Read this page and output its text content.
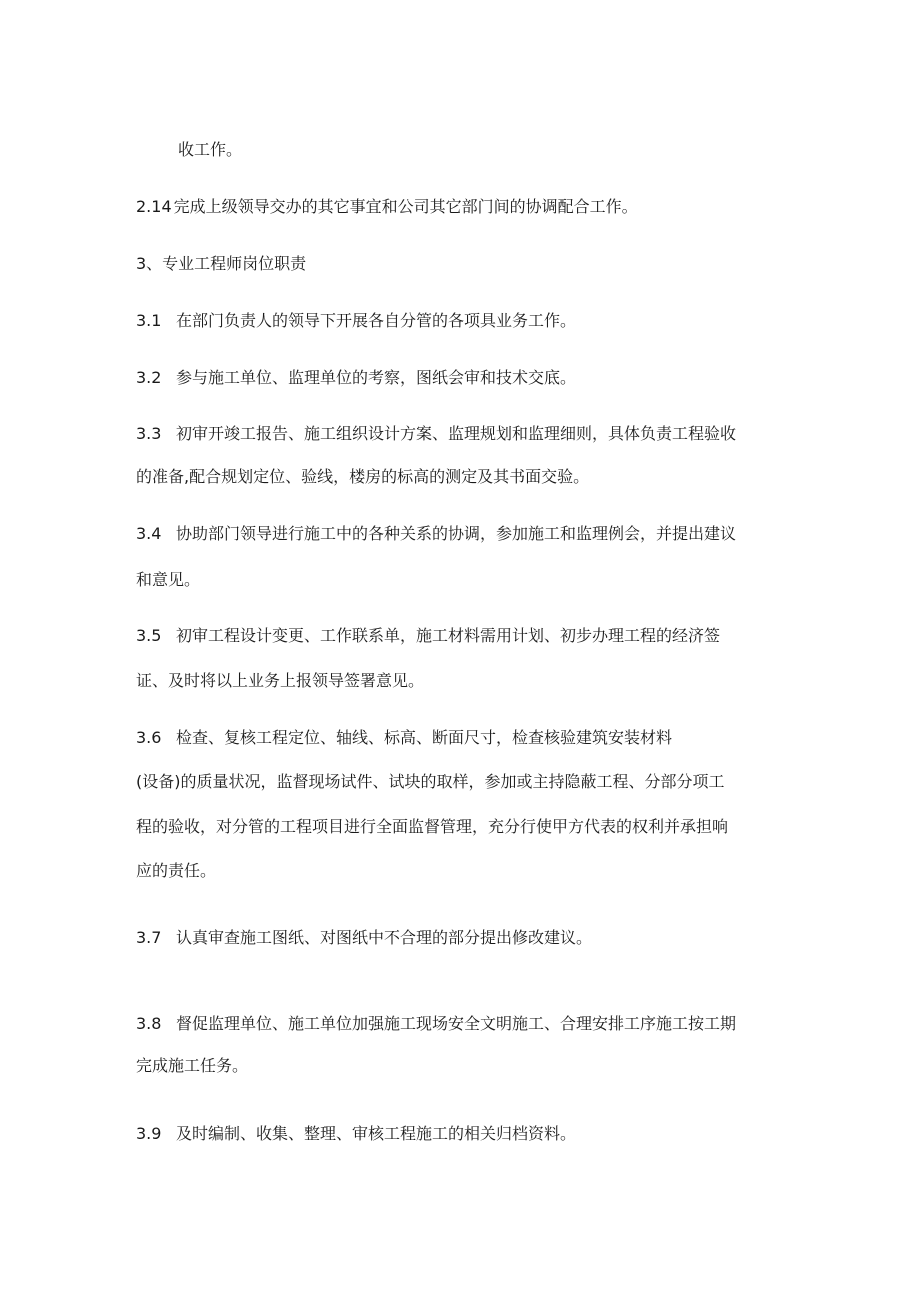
收工作。
2.14 完成上级领导交办的其它事宜和公司其它部门间的协调配合工作。
3、专业工程师岗位职责
3.1 在部门负责人的领导下开展各自分管的各项具业务工作。
3.2 参与施工单位、监理单位的考察，图纸会审和技术交底。
3.3 初审开竣工报告、施工组织设计方案、监理规划和监理细则，具体负责工程验收
的准备,配合规划定位、验线，楼房的标高的测定及其书面交验。
3.4 协助部门领导进行施工中的各种关系的协调，参加施工和监理例会，并提出建议
和意见。
3.5 初审工程设计变更、工作联系单，施工材料需用计划、初步办理工程的经济签
证、及时将以上业务上报领导签署意见。
3.6 检查、复核工程定位、轴线、标高、断面尺寸，检查核验建筑安装材料
(设备)的质量状况，监督现场试件、试块的取样，参加或主持隐蔽工程、分部分项工
程的验收，对分管的工程项目进行全面监督管理，充分行使甲方代表的权利并承担响
应的责任。
3.7 认真审查施工图纸、对图纸中不合理的部分提出修改建议。
3.8 督促监理单位、施工单位加强施工现场安全文明施工、合理安排工序施工按工期
完成施工任务。
3.9 及时编制、收集、整理、审核工程施工的相关归档资料。
